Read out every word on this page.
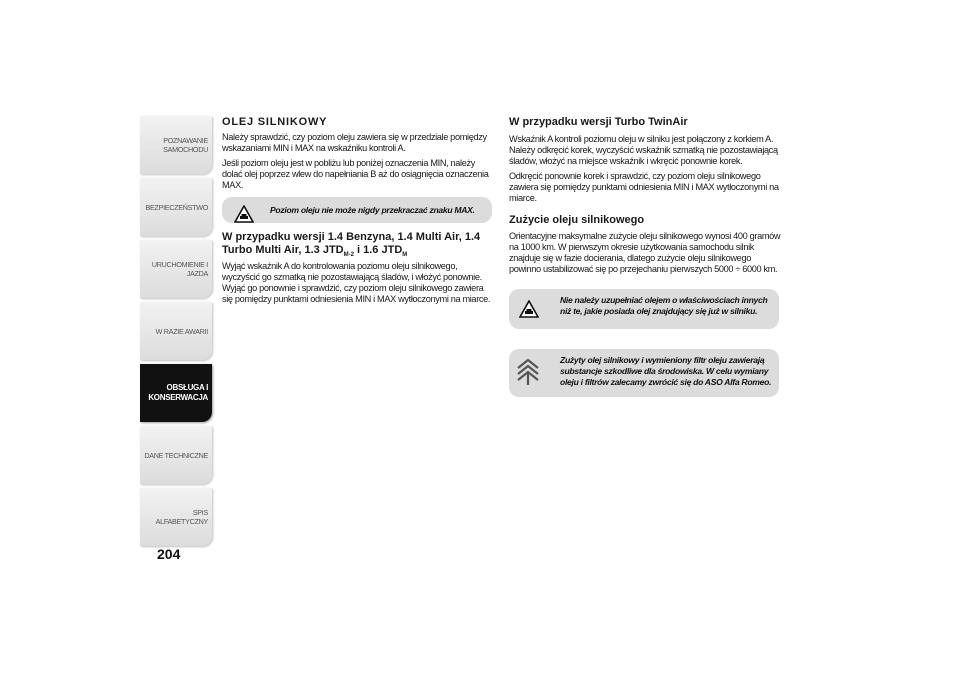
POZNAWANIE
SAMOCHODU
BEZPIECZEŃSTWO
URUCHOMIENIE I
JAZDA
W RAZIE AWARII
OBSŁUGA I
KONSERWACJA
DANE TECHNICZNE
SPIS ALFABETYCZNY
204
OLEJ SILNIKOWY

Należy sprawdzić, czy poziom oleju zawiera się w przedziale pomiędzy wskazaniami MIN i MAX na wskaźniku kontroli A.

Jeśli poziom oleju jest w pobliżu lub poniżej oznaczenia MIN, należy dolać olej poprzez wlew do napełniania B aż do osiągnięcia oznaczenia MAX.

Poziom oleju nie może nigdy przekraczać znaku MAX.
W przypadku wersji 1.4 Benzyna, 1.4 Multi Air, 1.4
Turbo Multi Air, 1.3 $JTD_{M-2}$ i 1.6 $JTD_M$

Wyjąć wskaźnik A do kontrolowania poziomu oleju silnikowego, wyczyścić go szmatką nie pozostawiającą śladów, i włożyć ponownie. Wyjąć go ponownie i sprawdzić, czy poziom oleju silnikowego zawiera się pomiędzy punktami odniesienia MIN i MAX wytłoczonymi na miarce.

W przypadku wersji Turbo TwinAir

Wskaźnik A kontroli poziomu oleju w silniku jest połączony z korkiem A. Należy odkręcić korek, wyczyścić wskaźnik szmatką nie pozostawiającą śladów, włożyć na miejsce wskaźnik i wkręcić ponownie korek.

Odkręcić ponownie korek i sprawdzić, czy poziom oleju silnikowego zawiera się pomiędzy punktami odniesienia MIN i MAX wytłoczonymi na miarce.

Zużycie oleju silnikowego

Orientacyjne maksymalne zużycie oleju silnikowego wynosi 400 gramów na 1000 km. W pierwszym okresie użytkowania samochodu silnik znajduje się w fazie docierania, dlatego zużycie oleju silnikowego powinno ustabilizować się po przejechaniu pierwszych 5000 ÷ 6000 km.

Nie należy uzupełniać olejem o właściwościach innych niż te, jakie posiada olej znajdujący się już w silniku.
Zużyty olej silnikowy i wymieniony filtr oleju zawierają substancje szkodliwe dla środowiska. W celu wymiany oleju i filtrów zalecamy zwrócić się do ASO Alfa Romeo.
